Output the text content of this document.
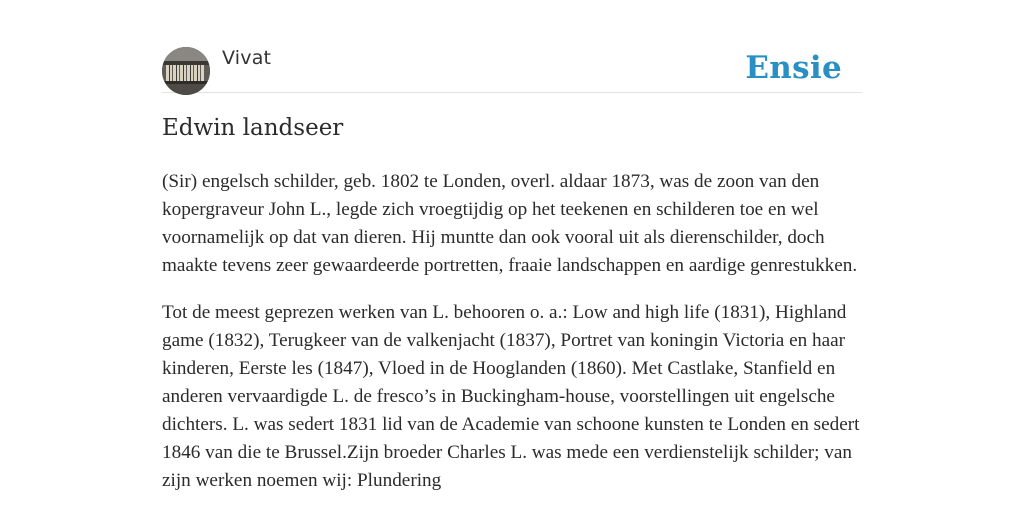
Vivat	Ensie
Edwin landseer

(Sir) engelsch schilder, geb. 1802 te Londen, overl. aldaar 1873, was de zoon van den kopergraveur John L., legde zich vroegtijdig op het teekenen en schilderen toe en wel voornamelijk op dat van dieren. Hij muntte dan ook vooral uit als dierenschilder, doch maakte tevens zeer gewaardeerde portretten, fraaie landschappen en aardige genrestukken.

Tot de meest geprezen werken van L. behooren o. a.: Low and high life (1831), Highland game (1832), Terugkeer van de valkenjacht (1837), Portret van koningin Victoria en haar kinderen, Eerste les (1847), Vloed in de Hooglanden (1860). Met Castlake, Stanfield en anderen vervaardigde L. de fresco’s in Buckingham-house, voorstellingen uit engelsche dichters. L. was sedert 1831 lid van de Academie van schoone kunsten te Londen en sedert 1846 van die te Brussel.Zijn broeder Charles L. was mede een verdienstelijk schilder; van zijn werken noemen wij: Plundering
